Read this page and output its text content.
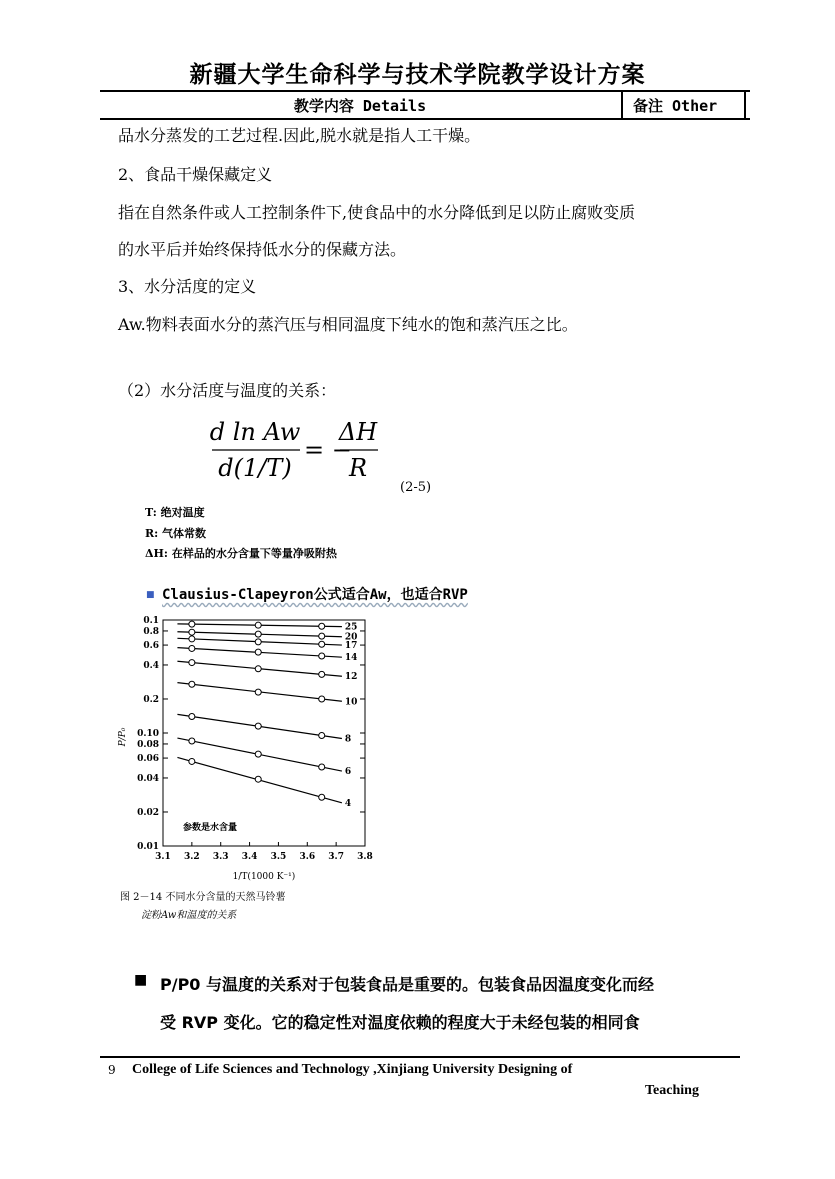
新疆大学生命科学与技术学院教学设计方案
教学内容 Details	备注 Other
品水分蒸发的工艺过程.因此,脱水就是指人工干燥。
2、食品干燥保藏定义
指在自然条件或人工控制条件下,使食品中的水分降低到足以防止腐败变质
的水平后并始终保持低水分的保藏方法。
3、水分活度的定义
Aw.物料表面水分的蒸汽压与相同温度下纯水的饱和蒸汽压之比。
（2）水分活度与温度的关系：
d ln Aw
d(1/T)
= −
ΔH
R
(2-5)
T: 绝对温度
R: 气体常数
ΔH: 在样品的水分含量下等量净吸附热
■ Clausius-Clapeyron公式适合Aw，也适合RVP
3.1 3.2 3.3 3.4 3.5 3.6 3.7 3.8
0.1
0.8
0.6
0.4
0.2
0.10
0.08
0.06
0.04
0.02
0.01
P/P₀
1/T(1000 K⁻¹)
25
20
17
14
12
10
8
6
4
参数是水含量
图 2－14 不同水分含量的天然马铃薯
淀粉Aw和温度的关系
■ P/P0 与温度的关系对于包装食品是重要的。包装食品因温度变化而经
受 RVP 变化。它的稳定性对温度依赖的程度大于未经包装的相同食
9 College of Life Sciences and Technology ,Xinjiang University Designing of
Teaching
